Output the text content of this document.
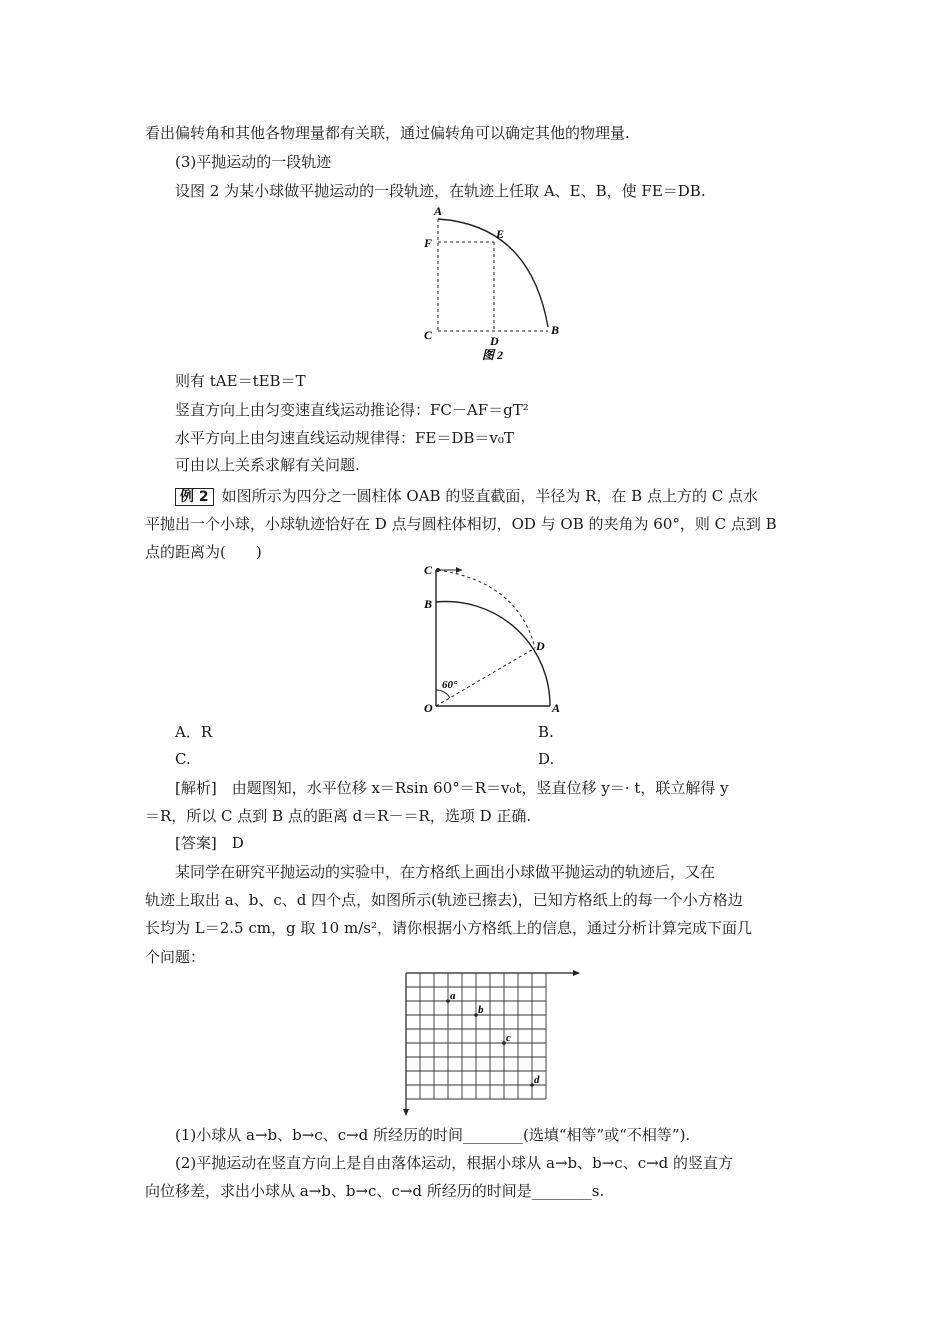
看出偏转角和其他各物理量都有关联，通过偏转角可以确定其他的物理量.
(3)平抛运动的一段轨迹
设图 2 为某小球做平抛运动的一段轨迹，在轨迹上任取 A、E、B，使 FE＝DB.
A
E
F
C	D
B
图 2
则有 tAE＝tEB＝T
竖直方向上由匀变速直线运动推论得：FC－AF＝gT²
水平方向上由匀速直线运动规律得：FE＝DB＝v₀T
可由以上关系求解有关问题.
例 2 如图所示为四分之一圆柱体 OAB 的竖直截面，半径为 R，在 B 点上方的 C 点水
平抛出一个小球，小球轨迹恰好在 D 点与圆柱体相切，OD 与 OB 的夹角为 60°，则 C 点到 B
点的距离为(　　)
C
B
D
O	A
60°
A．R	B.
C.	D.
[解析]　由题图知，水平位移 x＝Rsin 60°＝R＝v₀t，竖直位移 y＝· t，联立解得 y
＝R，所以 C 点到 B 点的距离 d＝R－＝R，选项 D 正确.
[答案]　D
某同学在研究平抛运动的实验中，在方格纸上画出小球做平抛运动的轨迹后，又在
轨迹上取出 a、b、c、d 四个点，如图所示(轨迹已擦去)，已知方格纸上的每一个小方格边
长均为 L＝2.5 cm，g 取 10 m/s²，请你根据小方格纸上的信息，通过分析计算完成下面几
个问题：
a
b
c
d
(1)小球从 a→b、b→c、c→d 所经历的时间________(选填“相等”或“不相等”).
(2)平抛运动在竖直方向上是自由落体运动，根据小球从 a→b、b→c、c→d 的竖直方
向位移差，求出小球从 a→b、b→c、c→d 所经历的时间是________s.
